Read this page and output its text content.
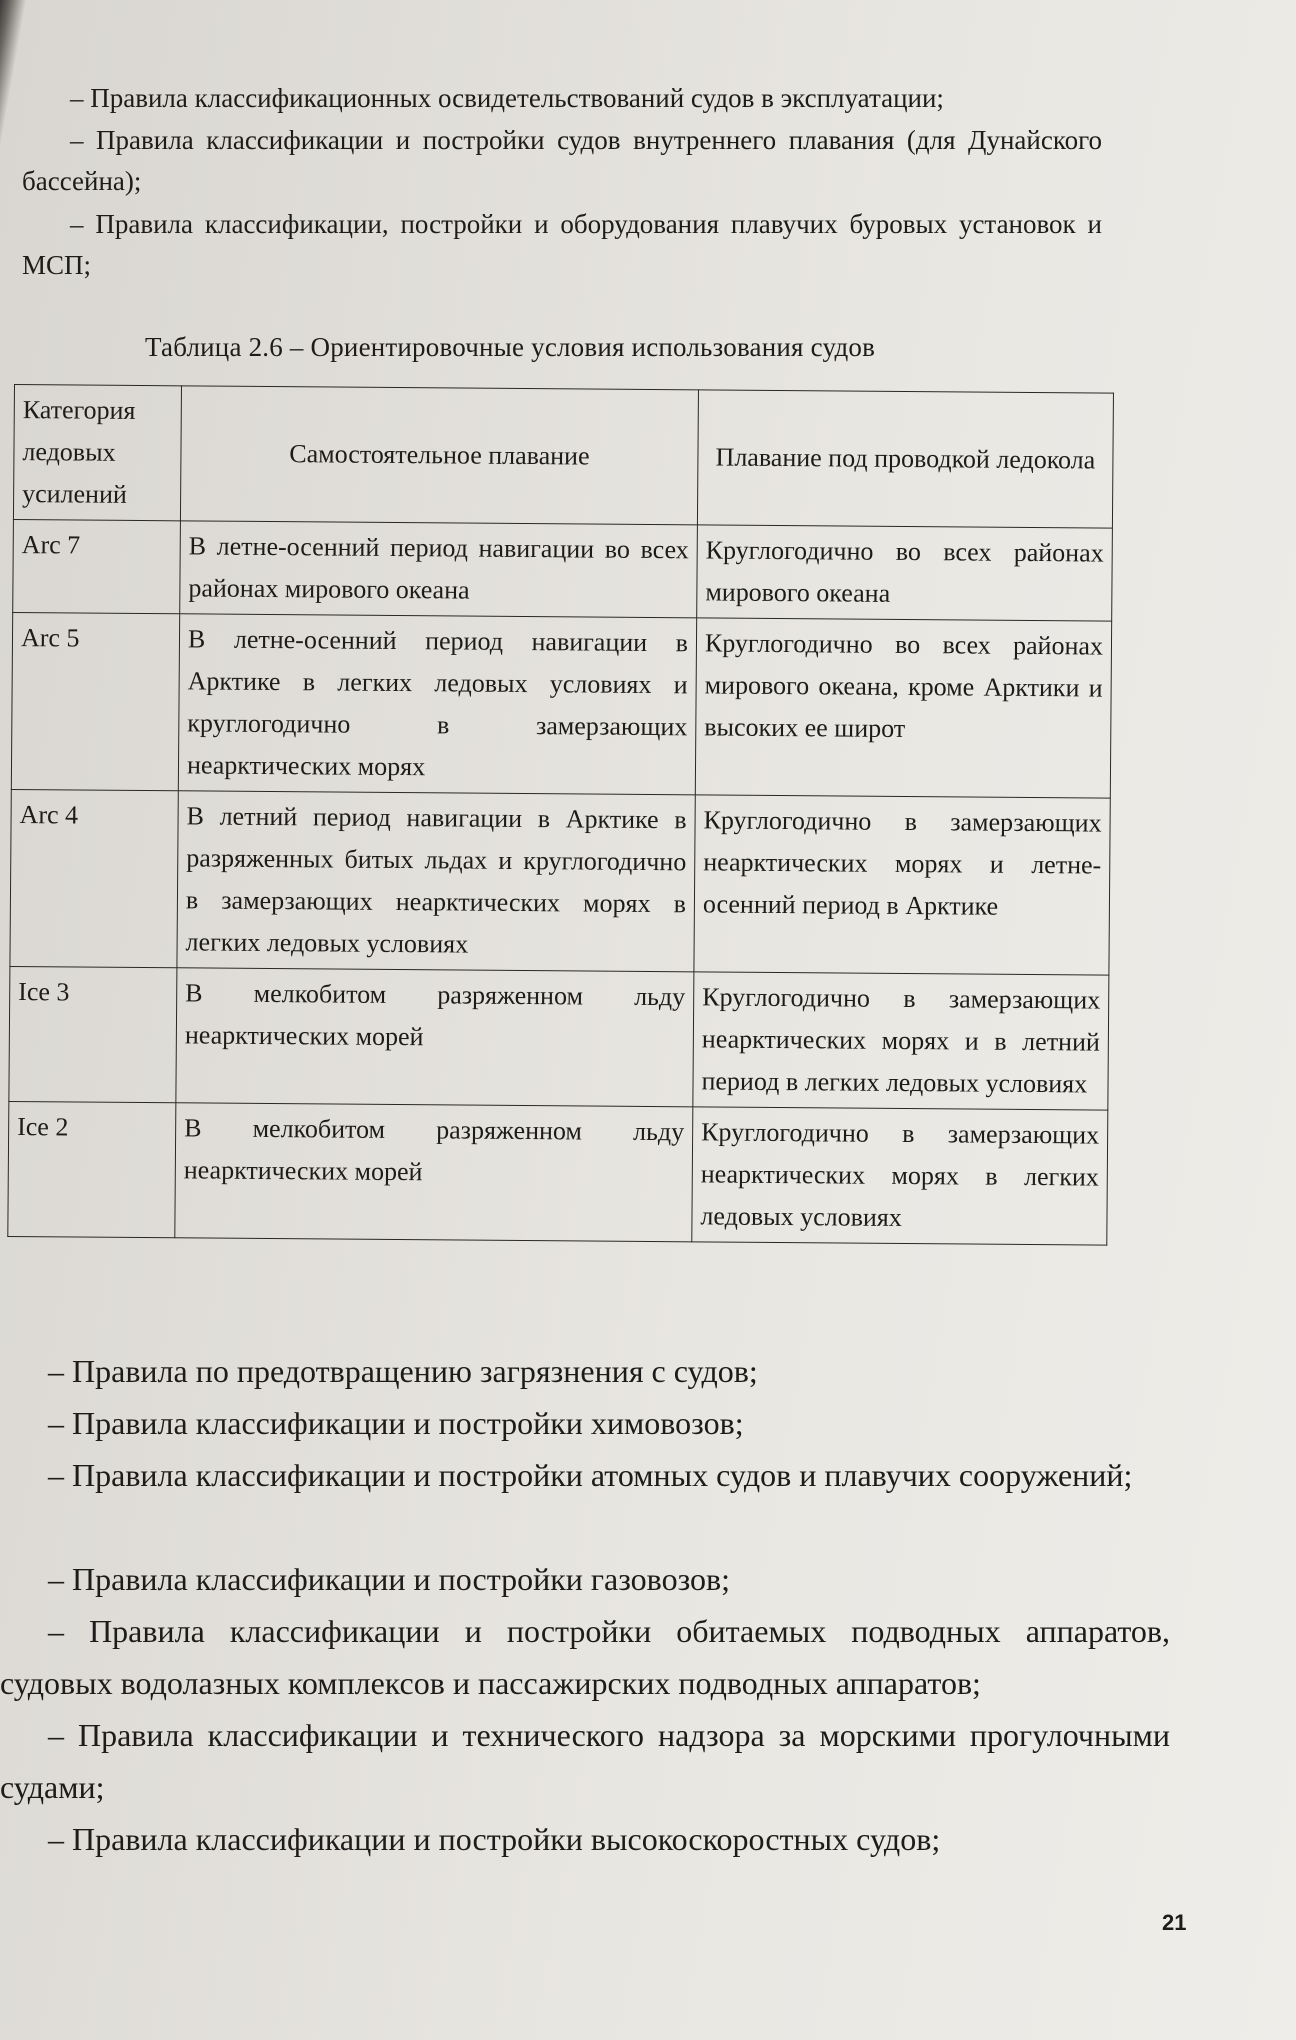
– Правила классификационных освидетельствований судов в эксплуатации;

– Правила классификации и постройки судов внутреннего плавания (для Дунайского бассейна);

– Правила классификации, постройки и оборудования плавучих буровых установок и МСП;

Таблица 2.6 – Ориентировочные условия использования судов
Категория ледовых усилений	Самостоятельное плавание	Плавание под проводкой ледокола
Arc 7	В летне-осенний период навигации во всех районах мирового океана	Круглогодично во всех районах мирового океана
Arc 5	В летне-осенний период навигации в Арктике в легких ледовых условиях и круглогодично в замерзающих неарктических морях	Круглогодично во всех районах мирового океана, кроме Арктики и высоких ее широт
Arc 4	В летний период навигации в Арктике в разряженных битых льдах и круглогодично в замерзающих неарктических морях в легких ледовых условиях	Круглогодично в замерзающих неарктических морях и летне-осенний период в Арктике
Ice 3	В мелкобитом разряженном льду неарктических морей	Круглогодично в замерзающих неарктических морях и в летний период в легких ледовых условиях
Ice 2	В мелкобитом разряженном льду неарктических морей	Круглогодично в замерзающих неарктических морях в легких ледовых условиях

– Правила по предотвращению загрязнения с судов;

– Правила классификации и постройки химовозов;

– Правила классификации и постройки атомных судов и плавучих сооружений;

– Правила классификации и постройки газовозов;

– Правила классификации и постройки обитаемых подводных аппаратов, судовых водолазных комплексов и пассажирских подводных аппаратов;

– Правила классификации и технического надзора за морскими прогулочными судами;

– Правила классификации и постройки высокоскоростных судов;

21
